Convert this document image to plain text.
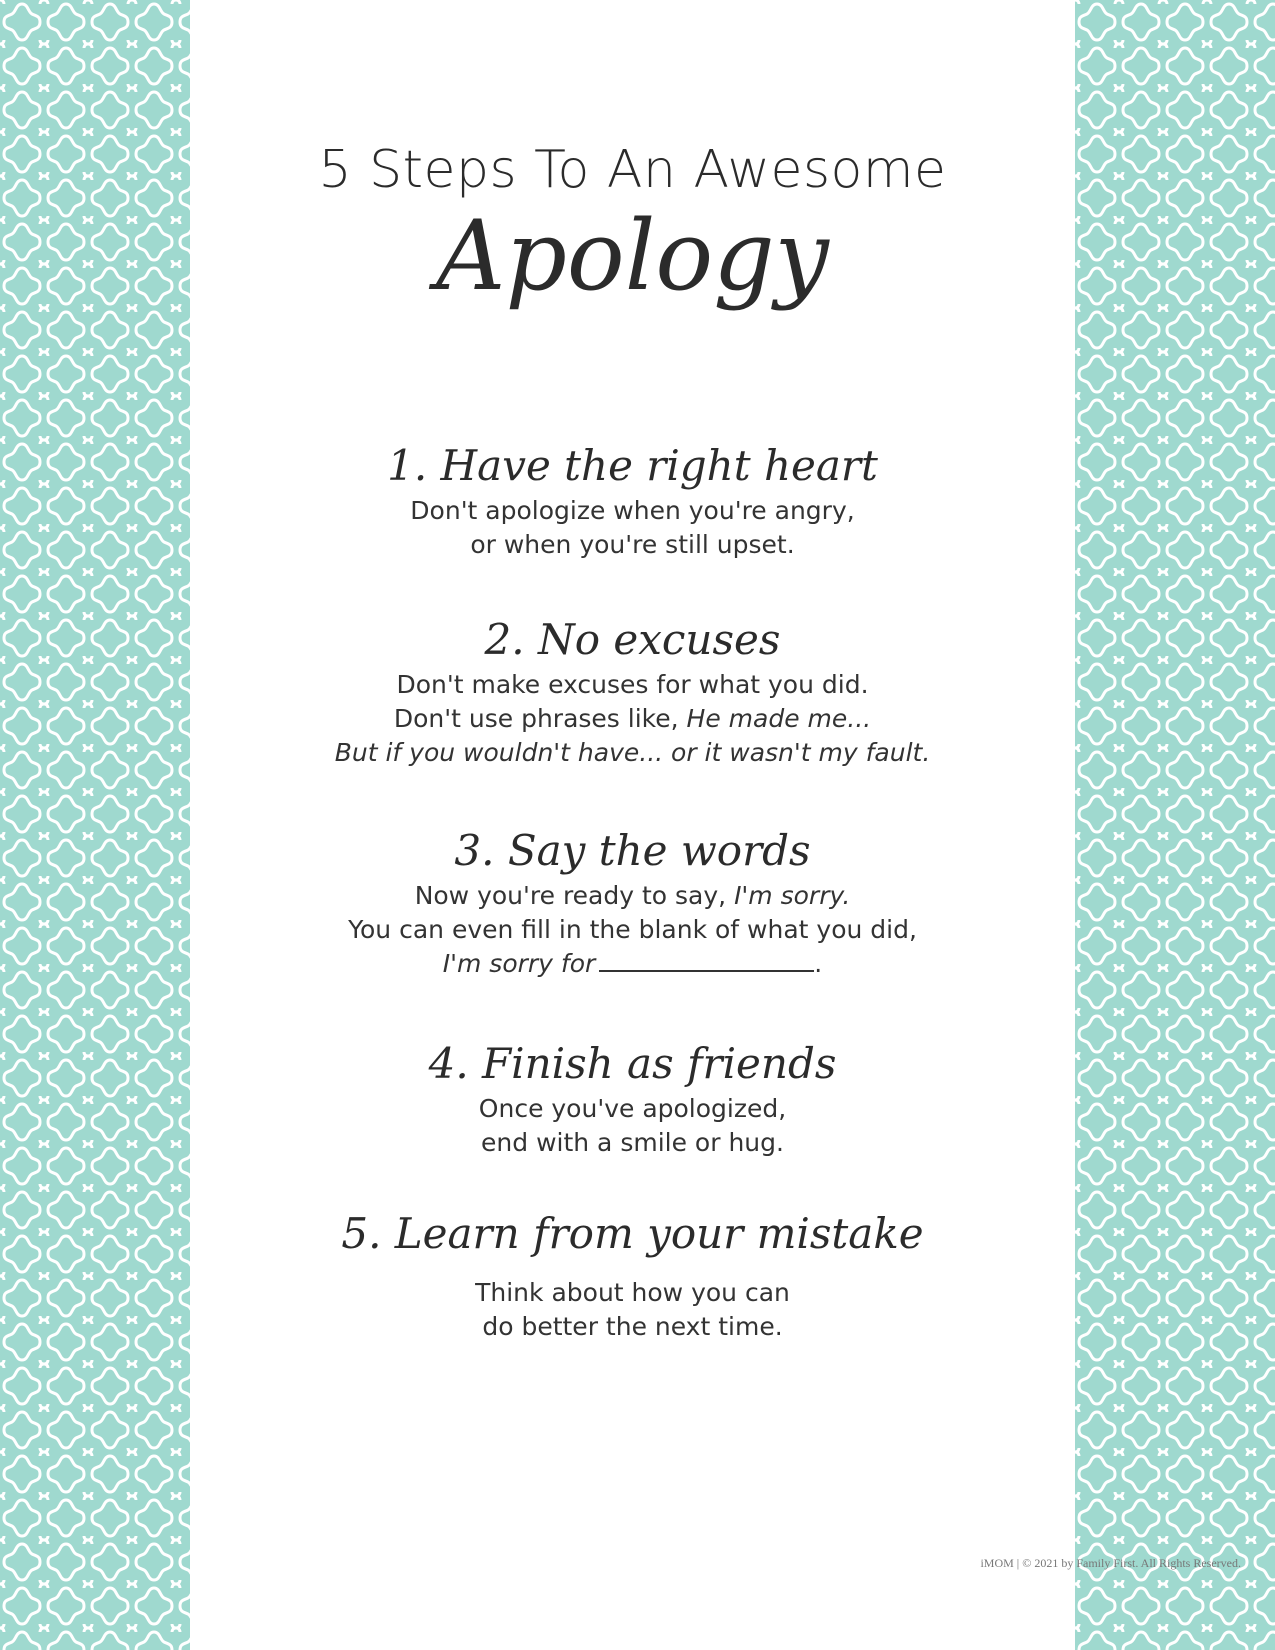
5 Steps To An Awesome
Apology
1. Have the right heart
Don't apologize when you're angry,
or when you're still upset.
2. No excuses
Don't make excuses for what you did.
Don't use phrases like, He made me...
But if you wouldn't have... or it wasn't my fault.
3. Say the words
Now you're ready to say, I'm sorry.
You can even fill in the blank of what you did,
I'm sorry for	.
4. Finish as friends
Once you've apologized,
end with a smile or hug.
5. Learn from your mistake
Think about how you can
do better the next time.
iMOM | © 2021 by Family First. All Rights Reserved.
